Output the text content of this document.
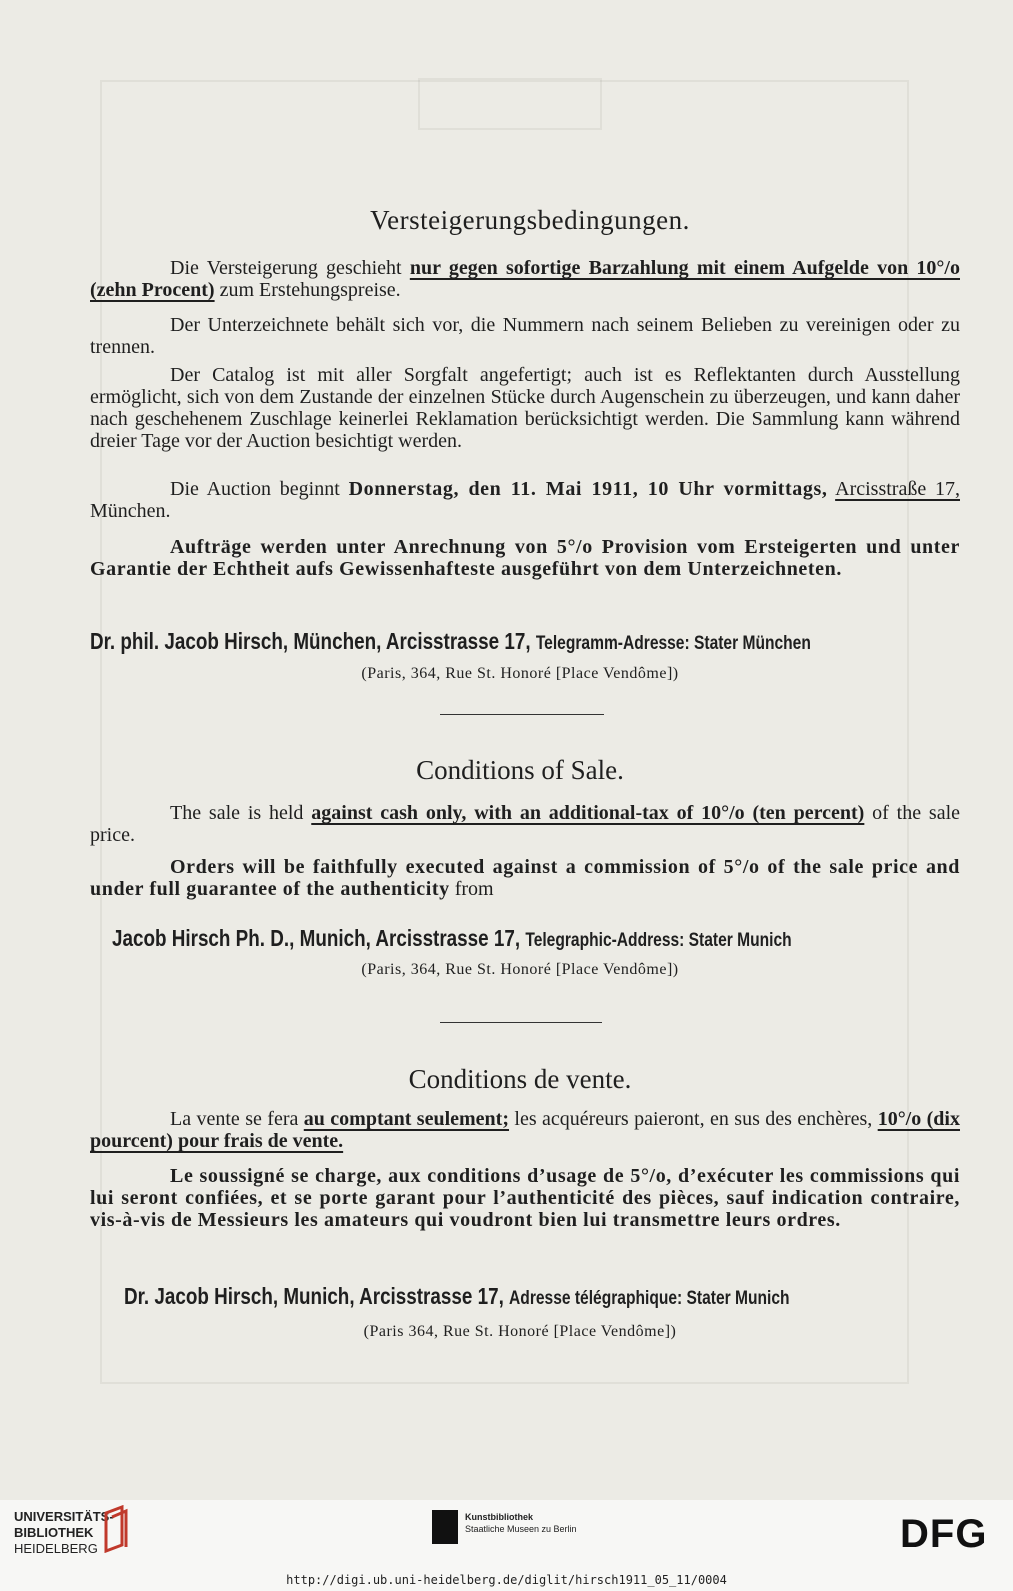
Versteigerungsbedingungen.
Die Versteigerung geschieht nur gegen sofortige Barzahlung mit einem Aufgelde von 10°/o (zehn Procent) zum Erstehungspreise.

Der Unterzeichnete behält sich vor, die Nummern nach seinem Belieben zu vereinigen oder zu trennen.

Der Catalog ist mit aller Sorgfalt angefertigt; auch ist es Reflektanten durch Ausstellung ermöglicht, sich von dem Zustande der einzelnen Stücke durch Augenschein zu überzeugen, und kann daher nach geschehenem Zuschlage keinerlei Reklamation berücksichtigt werden. Die Sammlung kann während dreier Tage vor der Auction besichtigt werden.

Die Auction beginnt Donnerstag, den 11. Mai 1911, 10 Uhr vormittags, Arcisstraße 17, München.

Aufträge werden unter Anrechnung von 5°/o Provision vom Ersteigerten und unter Garantie der Echtheit aufs Gewissenhafteste ausgeführt von dem Unterzeichneten.

Dr. phil. Jacob Hirsch, München, Arcisstrasse 17, Telegramm-Adresse: Stater München
(Paris, 364, Rue St. Honoré [Place Vendôme])
Conditions of Sale.
The sale is held against cash only, with an additional-tax of 10°/o (ten percent) of the sale price.
Orders will be faithfully executed against a commission of 5°/o of the sale price and under full guarantee of the authenticity from
Jacob Hirsch Ph. D., Munich, Arcisstrasse 17, Telegraphic-Address: Stater Munich
(Paris, 364, Rue St. Honoré [Place Vendôme])
Conditions de vente.
La vente se fera au comptant seulement; les acquéreurs paieront, en sus des enchères, 10°/o (dix pourcent) pour frais de vente.

Le soussigné se charge, aux conditions d’usage de 5°/o, d’exécuter les commissions qui lui seront confiées, et se porte garant pour l’authenticité des pièces, sauf indication contraire, vis-à-vis de Messieurs les amateurs qui voudront bien lui transmettre leurs ordres.

Dr. Jacob Hirsch, Munich, Arcisstrasse 17, Adresse télégraphique: Stater Munich
(Paris 364, Rue St. Honoré [Place Vendôme])
UNIVERSITÄTS-
BIBLIOTHEK
HEIDELBERG
Kunstbibliothek
Staatliche Museen zu Berlin	DFG
http://digi.ub.uni-heidelberg.de/diglit/hirsch1911_05_11/0004
